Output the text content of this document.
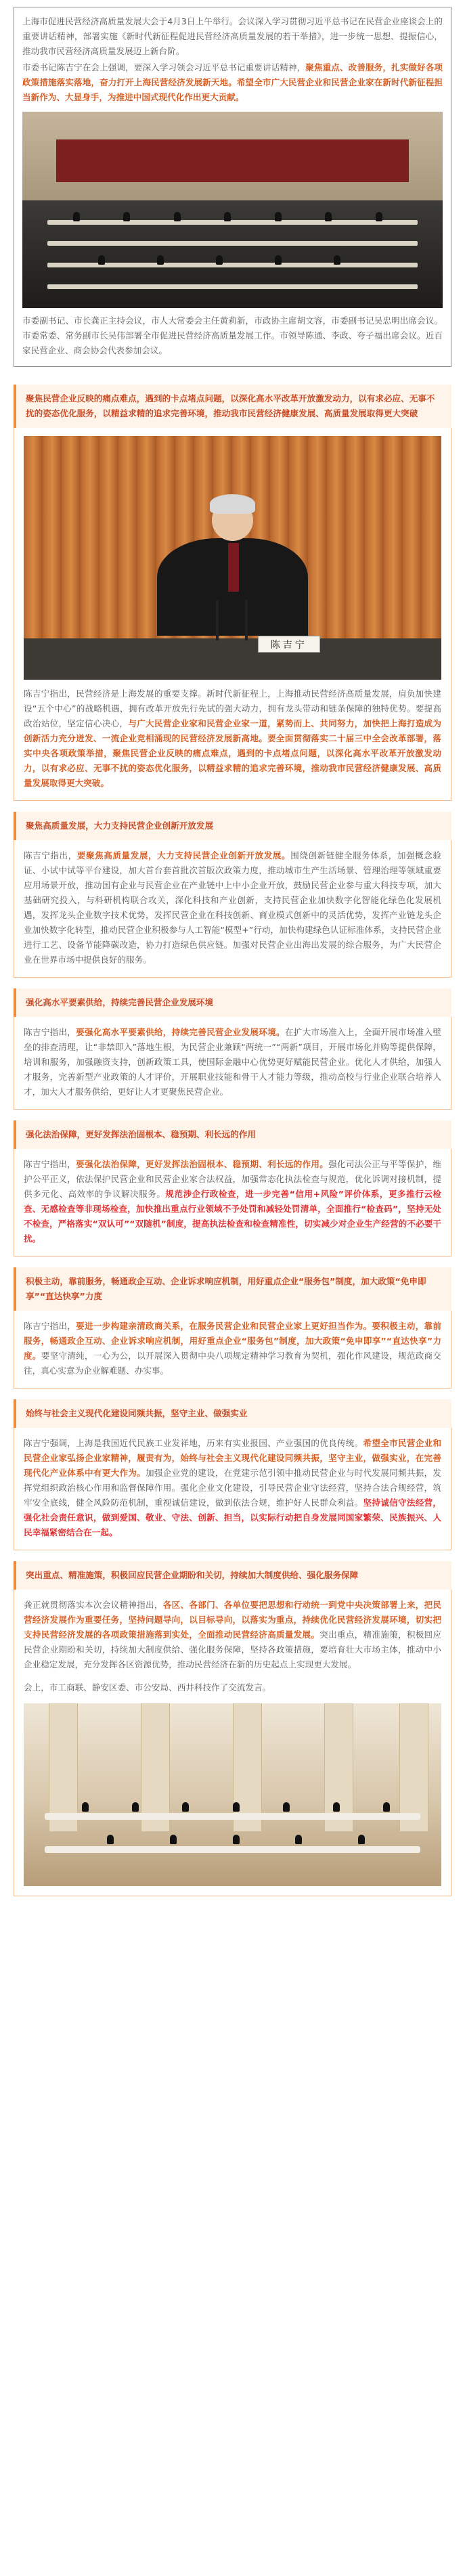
上海市促进民营经济高质量发展大会于4月3日上午举行。会议深入学习贯彻习近平总书记在民营企业座谈会上的重要讲话精神，部署实施《新时代新征程促进民营经济高质量发展的若干举措》，进一步统一思想、提振信心，推动我市民营经济高质量发展迈上新台阶。

市委书记陈吉宁在会上强调，要深入学习领会习近平总书记重要讲话精神，聚焦重点、改善服务，扎实做好各项政策措施落实落地，奋力打开上海民营经济发展新天地。希望全市广大民营企业和民营企业家在新时代新征程担当新作为、大显身手，为推进中国式现代化作出更大贡献。

市委副书记、市长龚正主持会议，市人大常委会主任黄莉新，市政协主席胡文容，市委副书记吴忠明出席会议。市委常委、常务副市长吴伟部署全市促进民营经济高质量发展工作。市领导陈通、李政、夸子福出席会议。近百家民营企业、商会协会代表参加会议。

聚焦民营企业反映的痛点难点，遇到的卡点堵点问题，以深化高水平改革开放激发动力，以有求必应、无事不扰的姿态优化服务，以精益求精的追求完善环境，推动我市民营经济健康发展、高质量发展取得更大突破

陈吉宁

陈吉宁指出，民营经济是上海发展的重要支撑。新时代新征程上，上海推动民营经济高质量发展，肩负加快建设“五个中心”的战略机遇，拥有改革开放先行先试的强大动力，拥有龙头带动和链条保障的独特优势。要提高政治站位，坚定信心决心，与广大民营企业家和民营企业家一道，紧势而上、共同努力，加快把上海打造成为创新活力充分迸发、一流企业竞相涌现的民营经济发展新高地。要全面贯彻落实二十届三中全会改革部署，落实中央各项政策举措，聚焦民营企业反映的痛点难点，遇到的卡点堵点问题，以深化高水平改革开放激发动力，以有求必应、无事不扰的姿态优化服务，以精益求精的追求完善环境，推动我市民营经济健康发展、高质量发展取得更大突破。

聚焦高质量发展，大力支持民营企业创新开放发展

陈吉宁指出，要聚焦高质量发展，大力支持民营企业创新开放发展。围绕创新链健全服务体系，加强概念验证、小试中试等平台建设，加大首台套首批次首版次政策力度，推动城市生产生活场景、管理治理等领域重要应用场景开放，推动国有企业与民营企业在产业链中上中小企业开放，鼓励民营企业参与重大科技专项，加大基础研究投入，与科研机构联合攻关，深化科技和产业创新，支持民营企业加快数字化智能化绿色化发展机遇，发挥龙头企业数字技术优势，发挥民营企业在科技创新、商业模式创新中的灵活优势，发挥产业链龙头企业加快数字化转型，推动民营企业积极参与人工智能“模型+”行动，加快构建绿色认证标准体系，支持民营企业进行工艺、设备节能降碳改造，协力打造绿色供应链。加强对民营企业出海出发展的综合服务，为广大民营企业在世界市场中提供良好的服务。

强化高水平要素供给，持续完善民营企业发展环境

陈吉宁指出，要强化高水平要素供给，持续完善民营企业发展环境。在扩大市场准入上，全面开展市场准入壁垒的排查清理，让“非禁即入”落地生根，为民营企业兼顾“两统一”“两新”项目，开展市场化并购等提供保障，培训和服务，加强融资支持，创新政策工具，使国际金融中心优势更好赋能民营企业。优化人才供给，加强人才服务，完善新型产业政策的人才评价，开展职业技能和骨干人才能力等级，推动高校与行业企业联合培养人才，加大人才服务供给，更好让人才更聚焦民营企业。

强化法治保障，更好发挥法治固根本、稳预期、利长远的作用

陈吉宁指出，要强化法治保障，更好发挥法治固根本、稳预期、利长远的作用。强化司法公正与平等保护，维护公平正义，依法保护民营企业和民营企业家合法权益，加强常态化执法检查与规范，优化诉调对接机制，提供多元化、高效率的争议解决服务。规范涉企行政检查，进一步完善“信用+风险”评价体系，更多推行云检查、无感检查等非现场检查，加快推出重点行业领域不予处罚和减轻处罚清单，全面推行“检查码”，坚持无处不检查，严格落实“双认可”“双随机”制度，提高执法检查和检查精准性，切实减少对企业生产经营的不必要干扰。

积极主动，靠前服务，畅通政企互动、企业诉求响应机制，用好重点企业“服务包”制度，加大政策“免申即享”“直达快享”力度

陈吉宁指出，要进一步构建亲清政商关系，在服务民营企业和民营企业家上更好担当作为。要积极主动，靠前服务，畅通政企互动、企业诉求响应机制，用好重点企业“服务包”制度，加大政策“免申即享”“直达快享”力度。要坚守清纯，一心为公，以开展深入贯彻中央八项规定精神学习教育为契机，强化作风建设，规范政商交往，真心实意为企业解难题、办实事。

始终与社会主义现代化建设同频共振，坚守主业、做强实业

陈吉宁强调，上海是我国近代民族工业发祥地，历来有实业报国、产业强国的优良传统。希望全市民营企业和民营企业家弘扬企业家精神，履责有为，始终与社会主义现代化建设同频共振，坚守主业，做强实业，在完善现代化产业体系中有更大作为。加强企业党的建设，在党建示范引领中推动民营企业与时代发展同频共振，发挥党组织政治核心作用和监督保障作用。强化企业文化建设，引导民营企业守法经营，坚持合法合规经营，筑牢安全底线，健全风险防范机制，重视诚信建设，做到依法合规，维护好人民群众利益。坚持诚信守法经营，强化社会责任意识，做到爱国、敬业、守法、创新、担当，以实际行动把自身发展同国家繁荣、民族振兴、人民幸福紧密结合在一起。

突出重点、精准施策，积极回应民营企业期盼和关切，持续加大制度供给、强化服务保障

龚正就贯彻落实本次会议精神指出，各区、各部门、各单位要把思想和行动统一到党中央决策部署上来，把民营经济发展作为重要任务，坚持问题导向，以目标导向，以落实为重点，持续优化民营经济发展环境，切实把支持民营经济发展的各项政策措施落到实处，全面推动民营经济高质量发展。突出重点，精准施策，积极回应民营企业期盼和关切，持续加大制度供给、强化服务保障，坚持各政策措施，要培育壮大市场主体，推动中小企业稳定发展，充分发挥各区资源优势，推动民营经济在新的历史起点上实现更大发展。

会上，市工商联、静安区委、市公安局、西井科技作了交流发言。
